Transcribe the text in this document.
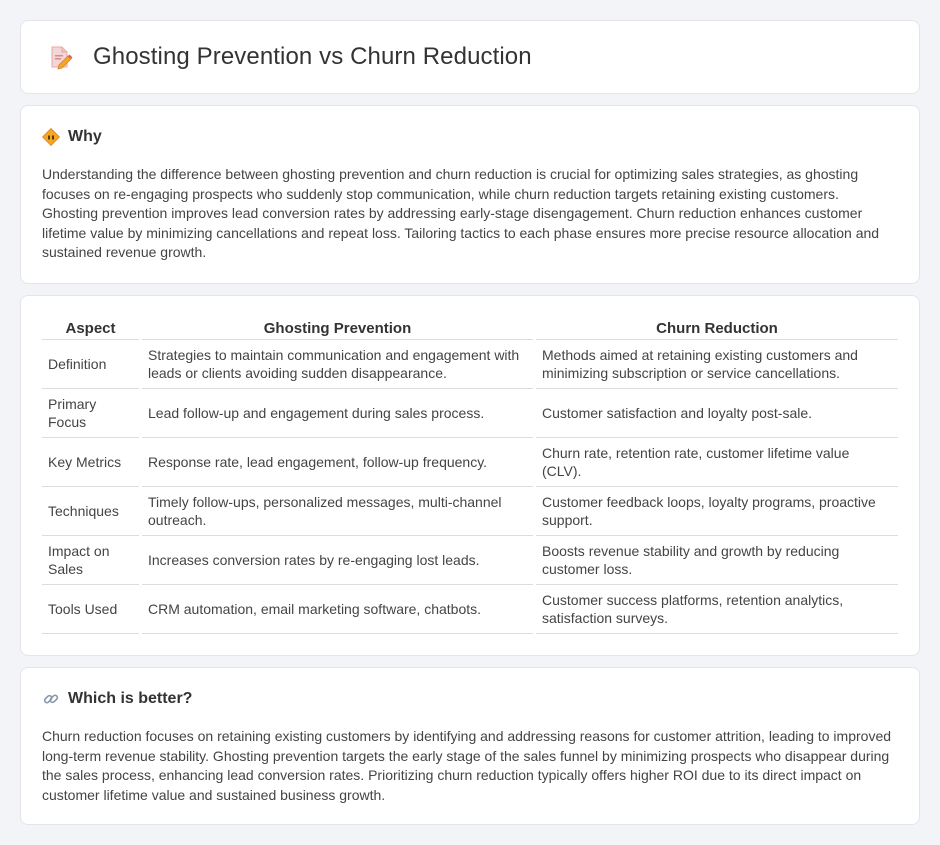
Ghosting Prevention vs Churn Reduction
Why

Understanding the difference between ghosting prevention and churn reduction is crucial for optimizing sales strategies, as ghosting focuses on re-engaging prospects who suddenly stop communication, while churn reduction targets retaining existing customers. Ghosting prevention improves lead conversion rates by addressing early-stage disengagement. Churn reduction enhances customer lifetime value by minimizing cancellations and repeat loss. Tailoring tactics to each phase ensures more precise resource allocation and sustained revenue growth.

Aspect	Ghosting Prevention	Churn Reduction
Definition	Strategies to maintain communication and engagement with leads or clients avoiding sudden disappearance.	Methods aimed at retaining existing customers and minimizing subscription or service cancellations.
Primary Focus	Lead follow-up and engagement during sales process.	Customer satisfaction and loyalty post-sale.
Key Metrics	Response rate, lead engagement, follow-up frequency.	Churn rate, retention rate, customer lifetime value (CLV).
Techniques	Timely follow-ups, personalized messages, multi-channel outreach.	Customer feedback loops, loyalty programs, proactive support.
Impact on Sales	Increases conversion rates by re-engaging lost leads.	Boosts revenue stability and growth by reducing customer loss.
Tools Used	CRM automation, email marketing software, chatbots.	Customer success platforms, retention analytics, satisfaction surveys.
Which is better?

Churn reduction focuses on retaining existing customers by identifying and addressing reasons for customer attrition, leading to improved long-term revenue stability. Ghosting prevention targets the early stage of the sales funnel by minimizing prospects who disappear during the sales process, enhancing lead conversion rates. Prioritizing churn reduction typically offers higher ROI due to its direct impact on customer lifetime value and sustained business growth.
